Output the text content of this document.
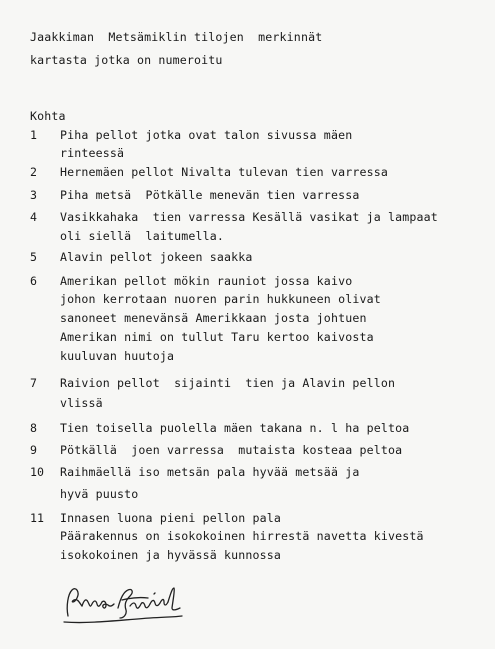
Jaakkiman  Metsämiklin tilojen  merkinnät
kartasta jotka on numeroitu
Kohta
1 Piha pellot jotka ovat talon sivussa mäen
rinteessä
2 Hernemäen pellot Nivalta tulevan tien varressa
3 Piha metsä  Pötkälle menevän tien varressa
4 Vasikkahaka  tien varressa Kesällä vasikat ja lampaat
oli siellä  laitumella.
5 Alavin pellot jokeen saakka
6 Amerikan pellot mökin rauniot jossa kaivo
johon kerrotaan nuoren parin hukkuneen olivat
sanoneet menevänsä Amerikkaan josta johtuen
Amerikan nimi on tullut Taru kertoo kaivosta
kuuluvan huutoja
7 Raivion pellot  sijainti  tien ja Alavin pellon
vlissä
8 Tien toisella puolella mäen takana n. l ha peltoa
9 Pötkällä  joen varressa  mutaista kosteaa peltoa
10 Raihmäellä iso metsän pala hyvää metsää ja
hyvä puusto
11 Innasen luona pieni pellon pala
Päärakennus on isokokoinen hirrestä navetta kivestä
isokokoinen ja hyvässä kunnossa
